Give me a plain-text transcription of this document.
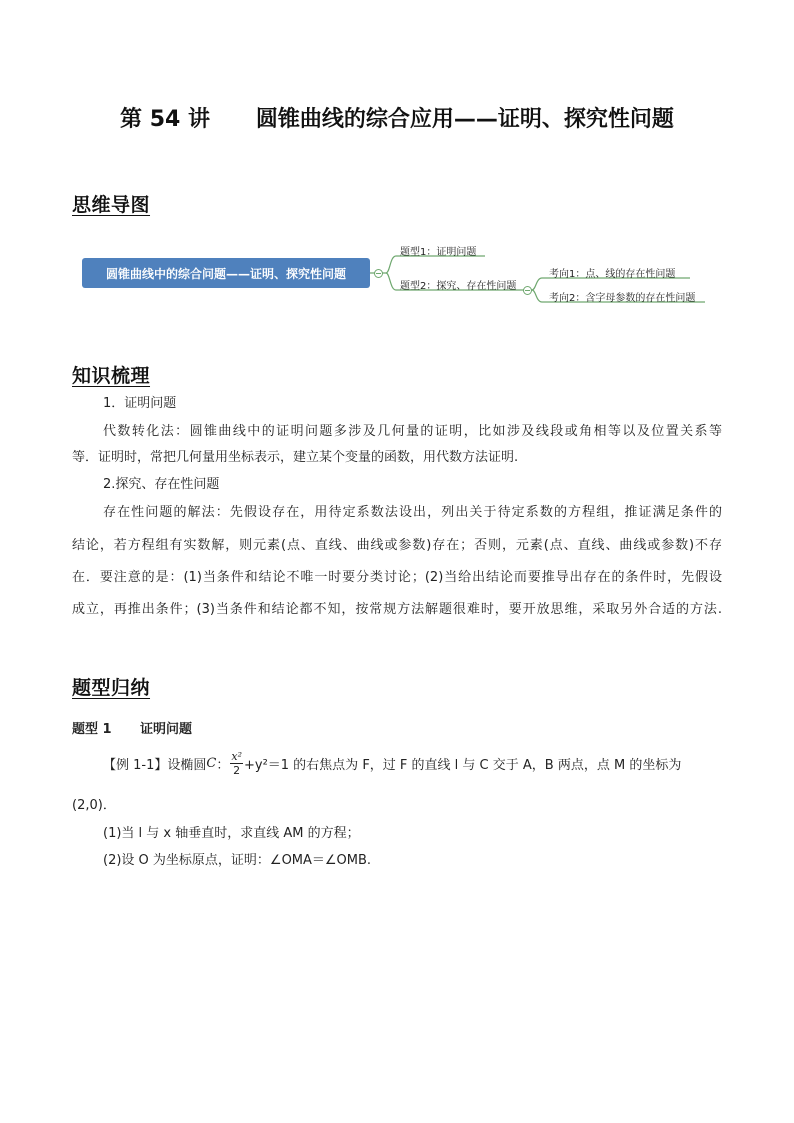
第 54 讲      圆锥曲线的综合应用——证明、探究性问题
思维导图
圆锥曲线中的综合问题——证明、探究性问题
题型1：证明问题
题型2：探究、存在性问题
考向1：点、线的存在性问题
考向2：含字母参数的存在性问题
知识梳理
1．证明问题
代数转化法：圆锥曲线中的证明问题多涉及几何量的证明，比如涉及线段或角相等以及位置关系等
等．证明时，常把几何量用坐标表示，建立某个变量的函数，用代数方法证明.
2.探究、存在性问题
存在性问题的解法：先假设存在，用待定系数法设出，列出关于待定系数的方程组，推证满足条件的
结论，若方程组有实数解，则元素(点、直线、曲线或参数)存在；否则，元素(点、直线、曲线或参数)不存
在．要注意的是：(1)当条件和结论不唯一时要分类讨论；(2)当给出结论而要推导出存在的条件时，先假设
成立，再推出条件；(3)当条件和结论都不知，按常规方法解题很难时，要开放思维，采取另外合适的方法.
题型归纳
题型 1 证明问题
【例 1-1】 设椭圆 C ： $\frac{\text{x²}}{2} +y^2=1$ 的右焦点为 F，过 F 的直线 l 与 C 交于 A，B 两点，点 M 的坐标为
(2,0)．
(1)当 l 与 x 轴垂直时，求直线 AM 的方程；
(2)设 O 为坐标原点，证明：∠OMA＝∠OMB.
